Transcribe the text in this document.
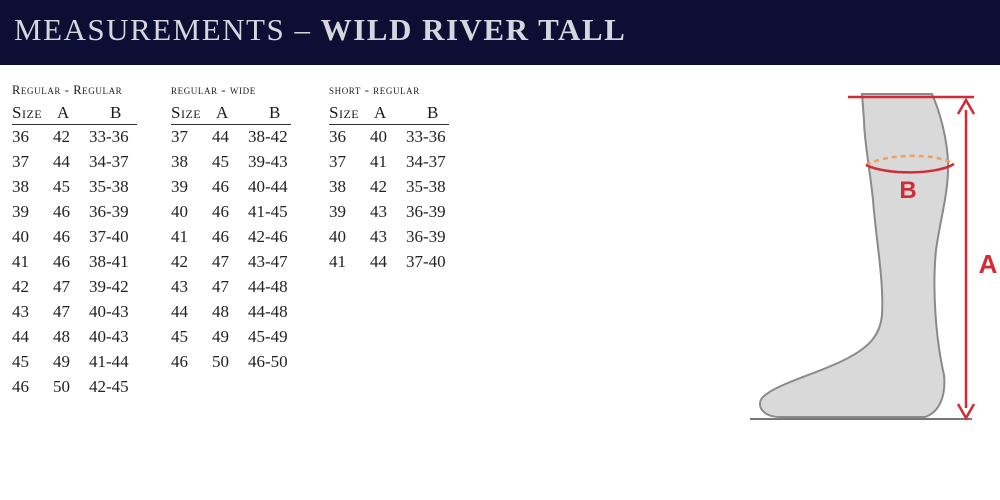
MEASUREMENTS – WILD RIVER TALL
Regular - Regular
Size A B
36 42 33-36
37 44 34-37
38 45 35-38
39 46 36-39
40 46 37-40
41 46 38-41
42 47 39-42
43 47 40-43
44 48 40-43
45 49 41-44
46 50 42-45
regular - wide
Size A B
37 44 38-42
38 45 39-43
39 46 40-44
40 46 41-45
41 46 42-46
42 47 43-47
43 47 44-48
44 48 44-48
45 49 45-49
46 50 46-50
short - regular
Size A B
36 40 33-36
37 41 34-37
38 42 35-38
39 43 36-39
40 43 36-39
41 44 37-40
B
A
